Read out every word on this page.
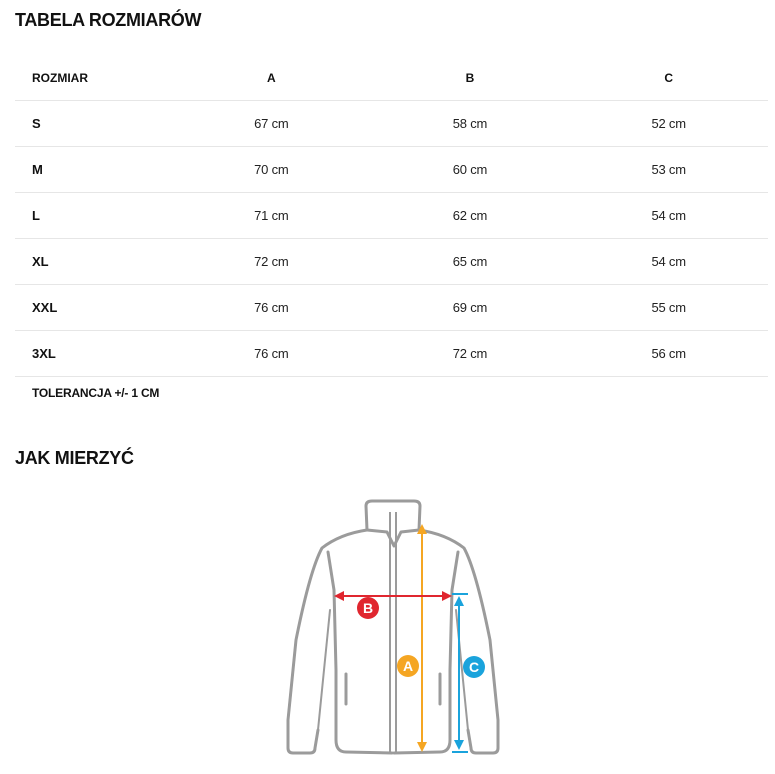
TABELA ROZMIARÓW
ROZMIAR	A	B	C
S	67 cm	58 cm	52 cm
M	70 cm	60 cm	53 cm
L	71 cm	62 cm	54 cm
XL	72 cm	65 cm	54 cm
XXL	76 cm	69 cm	55 cm
3XL	76 cm	72 cm	56 cm
TOLERANCJA +/- 1 CM
JAK MIERZYĆ
A
B
C
